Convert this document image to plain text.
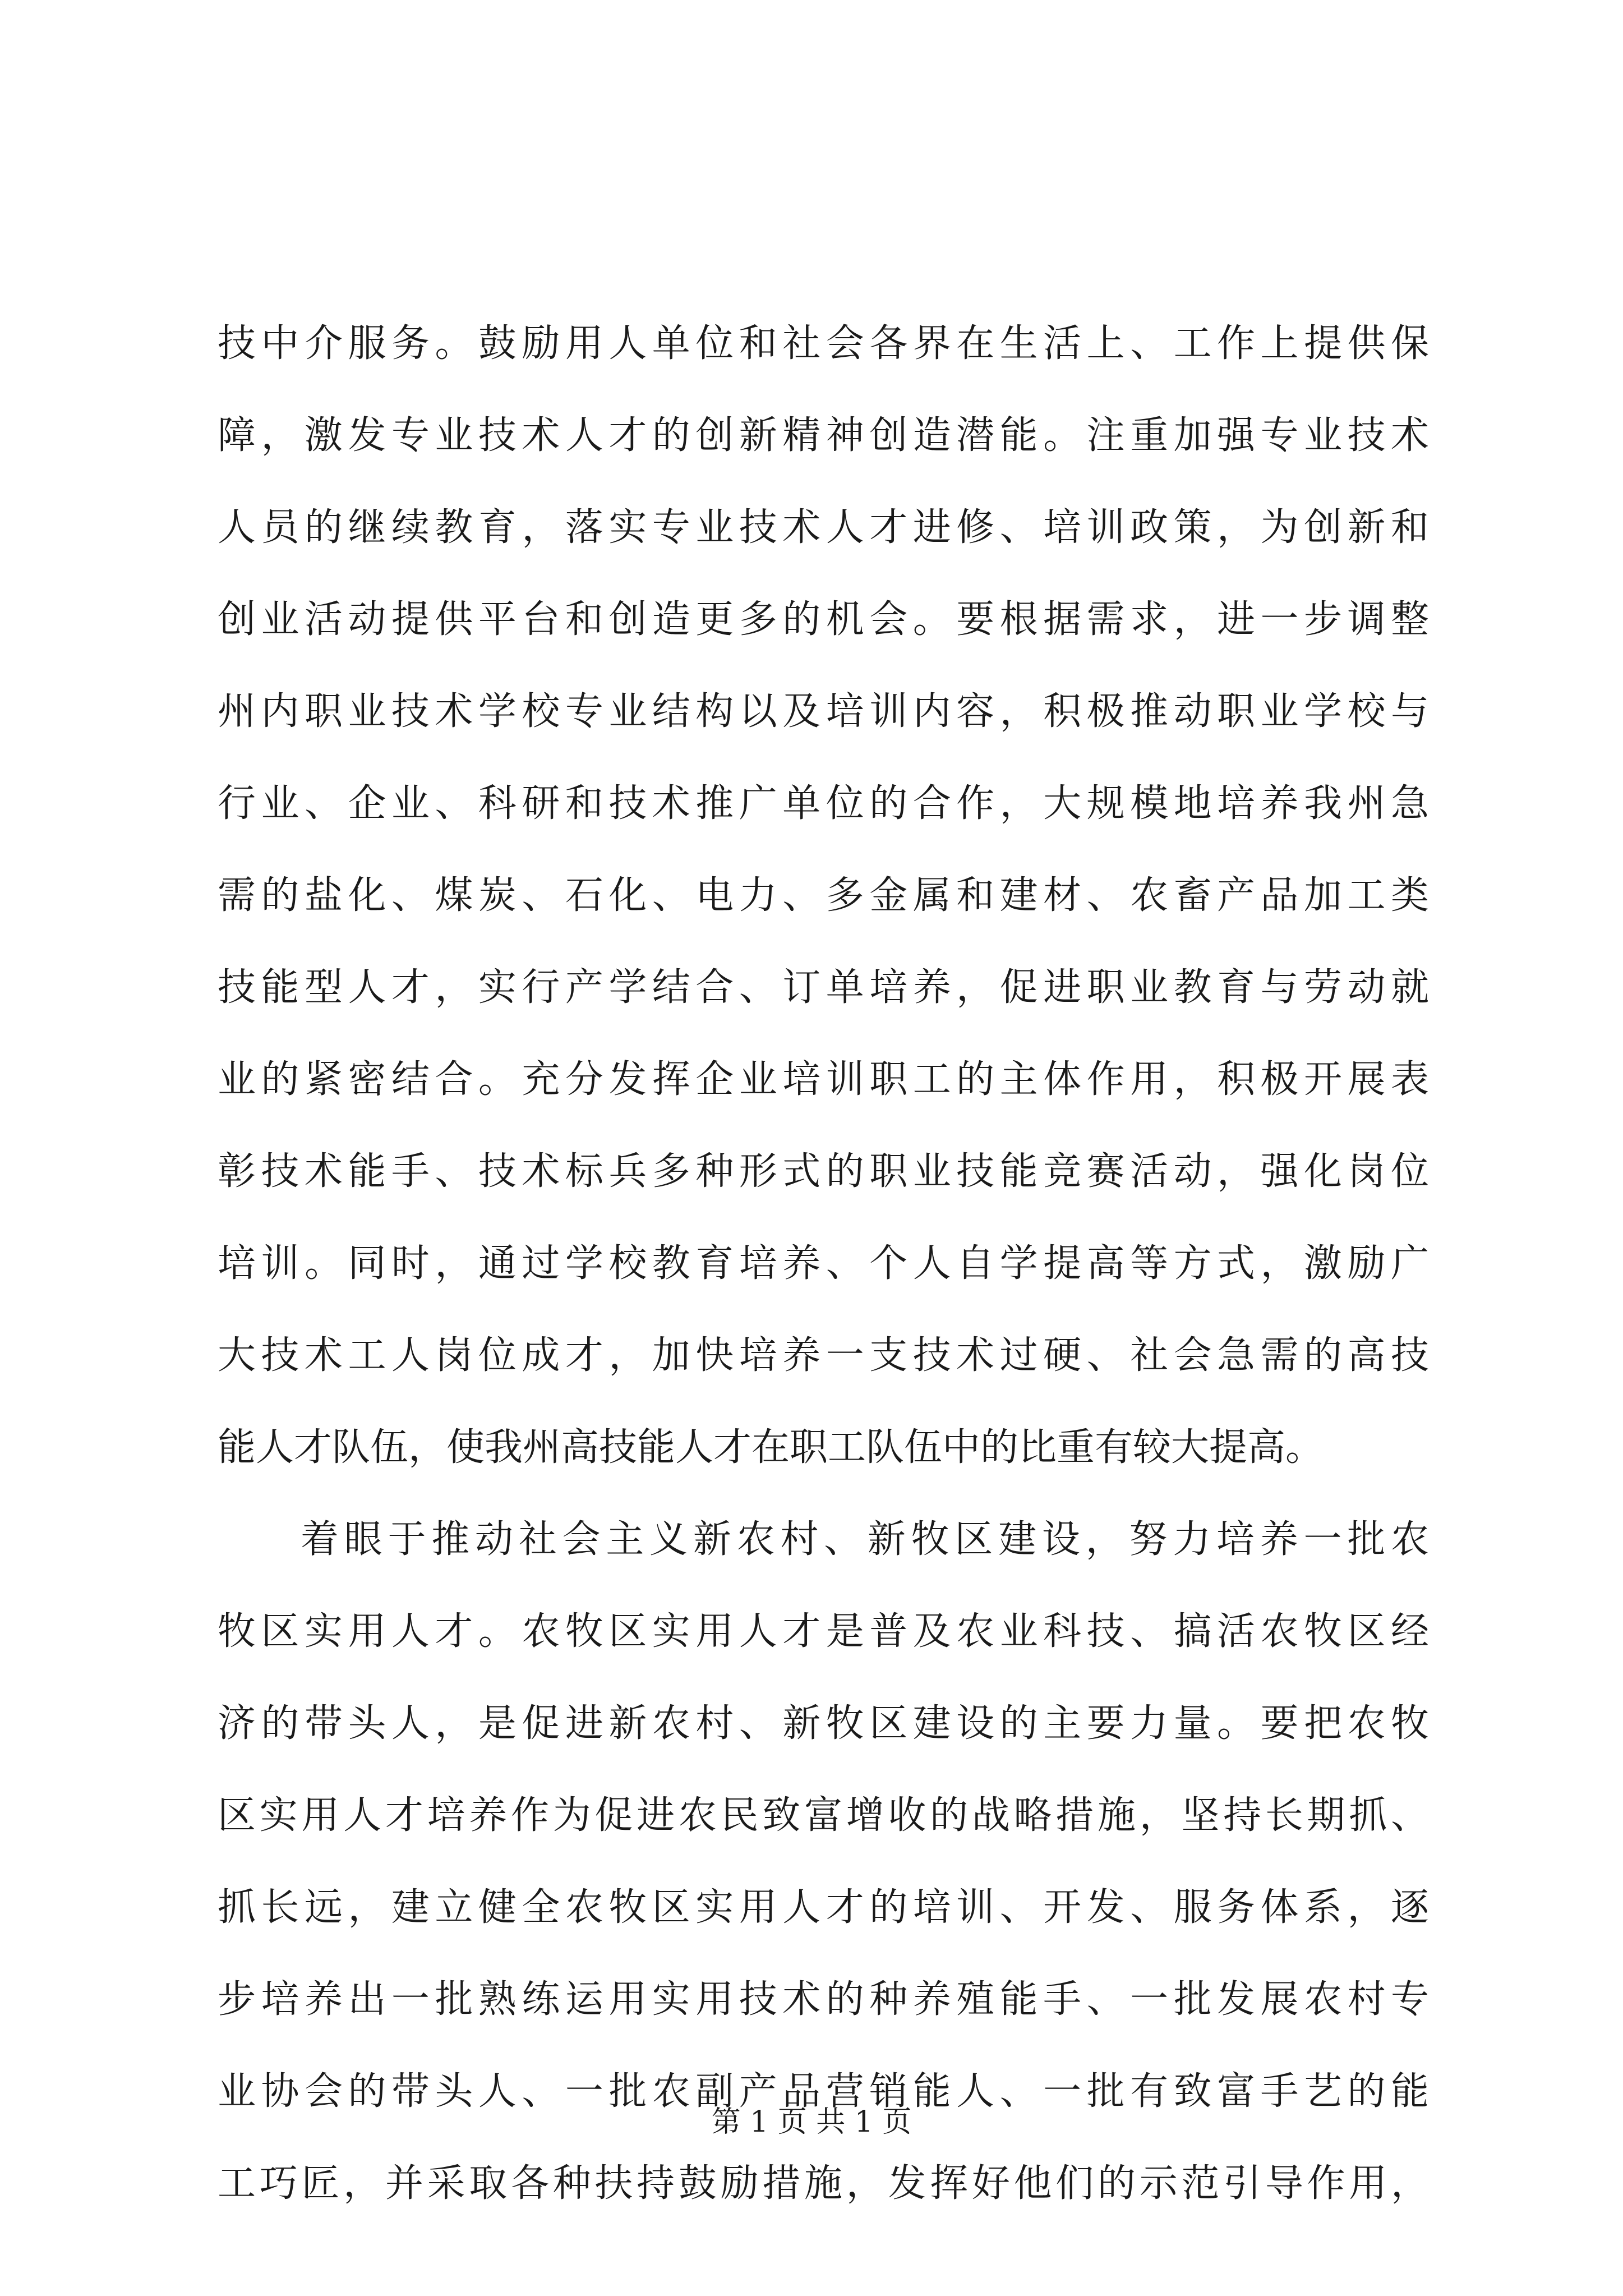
技中介服务。鼓励用人单位和社会各界在生活上、工作上提供保
障，激发专业技术人才的创新精神创造潜能。注重加强专业技术
人员的继续教育，落实专业技术人才进修、培训政策，为创新和
创业活动提供平台和创造更多的机会。要根据需求，进一步调整
州内职业技术学校专业结构以及培训内容，积极推动职业学校与
行业、企业、科研和技术推广单位的合作，大规模地培养我州急
需的盐化、煤炭、石化、电力、多金属和建材、农畜产品加工类
技能型人才，实行产学结合、订单培养，促进职业教育与劳动就
业的紧密结合。充分发挥企业培训职工的主体作用，积极开展表
彰技术能手、技术标兵多种形式的职业技能竞赛活动，强化岗位
培训。同时，通过学校教育培养、个人自学提高等方式，激励广
大技术工人岗位成才，加快培养一支技术过硬、社会急需的高技
能人才队伍，使我州高技能人才在职工队伍中的比重有较大提高。
着眼于推动社会主义新农村、新牧区建设，努力培养一批农
牧区实用人才。农牧区实用人才是普及农业科技、搞活农牧区经
济的带头人，是促进新农村、新牧区建设的主要力量。要把农牧
区实用人才培养作为促进农民致富增收的战略措施，坚持长期抓、
抓长远，建立健全农牧区实用人才的培训、开发、服务体系，逐
步培养出一批熟练运用实用技术的种养殖能手、一批发展农村专
业协会的带头人、一批农副产品营销能人、一批有致富手艺的能
工巧匠，并采取各种扶持鼓励措施，发挥好他们的示范引导作用，
第 1 页 共 1 页
